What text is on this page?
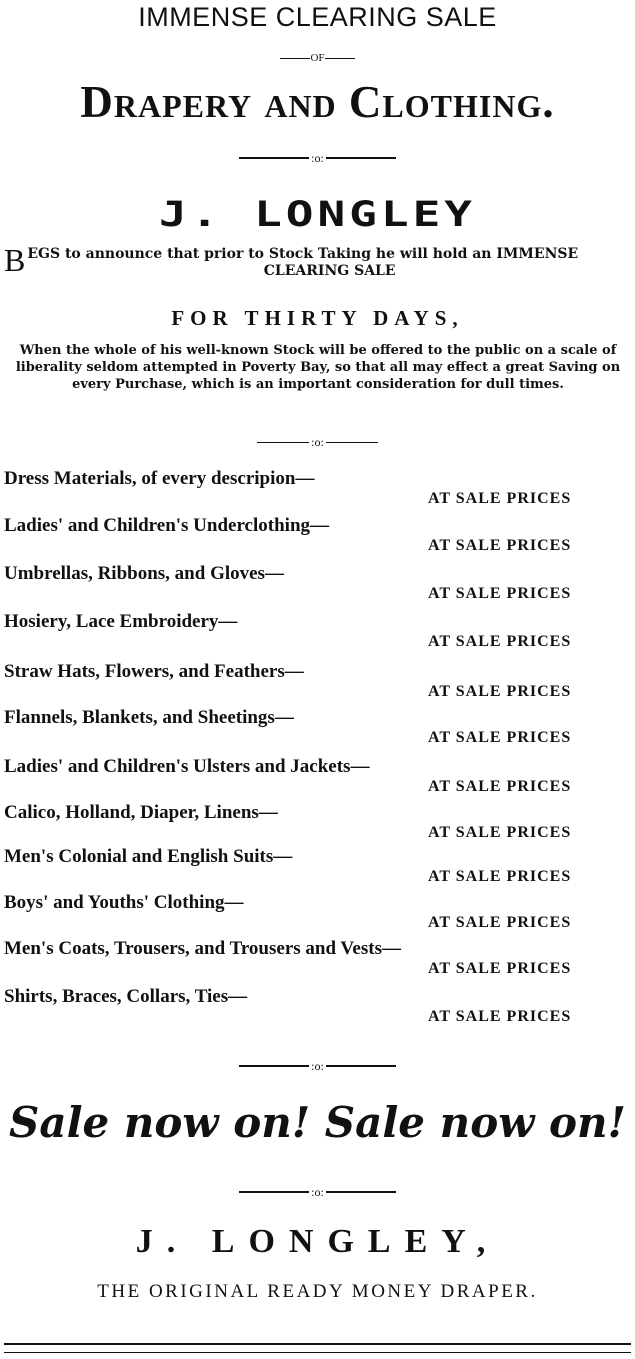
IMMENSE CLEARING SALE
OF
Drapery and Clothing.
:o:
J. LONGLEY
B EGS to announce that prior to Stock Taking he will hold an IMMENSE
CLEARING SALE
FOR THIRTY DAYS,
When the whole of his well-known Stock will be offered to the public on a scale of liberality seldom attempted in Poverty Bay, so that all may effect a great Saving on every Purchase, which is an important consideration for dull times.
:o:
Dress Materials, of every descripion—
AT SALE PRICES
Ladies' and Children's Underclothing—
AT SALE PRICES
Umbrellas, Ribbons, and Gloves—
AT SALE PRICES
Hosiery, Lace Embroidery—
AT SALE PRICES
Straw Hats, Flowers, and Feathers—
AT SALE PRICES
Flannels, Blankets, and Sheetings—
AT SALE PRICES
Ladies' and Children's Ulsters and Jackets—
AT SALE PRICES
Calico, Holland, Diaper, Linens—
AT SALE PRICES
Men's Colonial and English Suits—
AT SALE PRICES
Boys' and Youths' Clothing—
AT SALE PRICES
Men's Coats, Trousers, and Trousers and Vests—
AT SALE PRICES
Shirts, Braces, Collars, Ties—
AT SALE PRICES
:o:
Sale now on! Sale now on!
:o:
J. LONGLEY,
THE ORIGINAL READY MONEY DRAPER.
